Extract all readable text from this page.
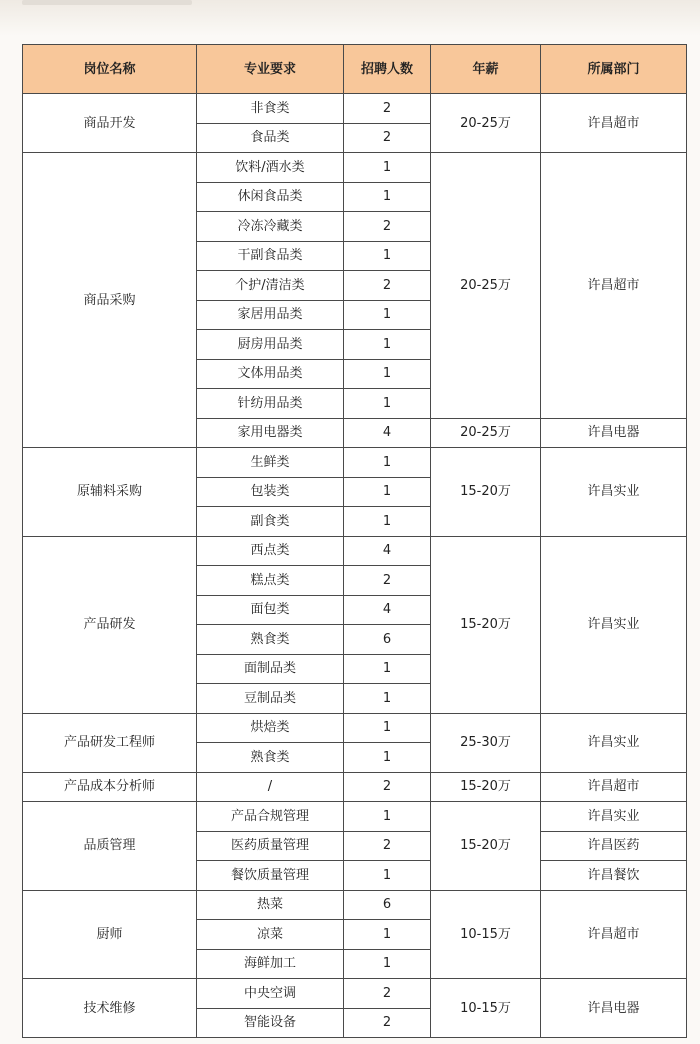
岗位名称	专业要求	招聘人数	年薪	所属部门
商品开发	非食类	2	20-25万	许昌超市
	食品类	2		
商品采购	饮料/酒水类	1	20-25万	许昌超市
	休闲食品类	1		
	冷冻冷藏类	2		
	干副食品类	1		
	个护/清洁类	2		
	家居用品类	1		
	厨房用品类	1		
	文体用品类	1		
	针纺用品类	1		
	家用电器类	4	20-25万	许昌电器
原辅料采购	生鲜类	1	15-20万	许昌实业
	包装类	1		
	副食类	1		
产品研发	西点类	4	15-20万	许昌实业
	糕点类	2		
	面包类	4		
	熟食类	6		
	面制品类	1		
	豆制品类	1		
产品研发工程师	烘焙类	1	25-30万	许昌实业
	熟食类	1		
产品成本分析师	/	2	15-20万	许昌超市
品质管理	产品合规管理	1	15-20万	许昌实业
	医药质量管理	2		许昌医药
	餐饮质量管理	1		许昌餐饮
厨师	热菜	6	10-15万	许昌超市
	凉菜	1		
	海鲜加工	1		
技术维修	中央空调	2	10-15万	许昌电器
	智能设备	2		
